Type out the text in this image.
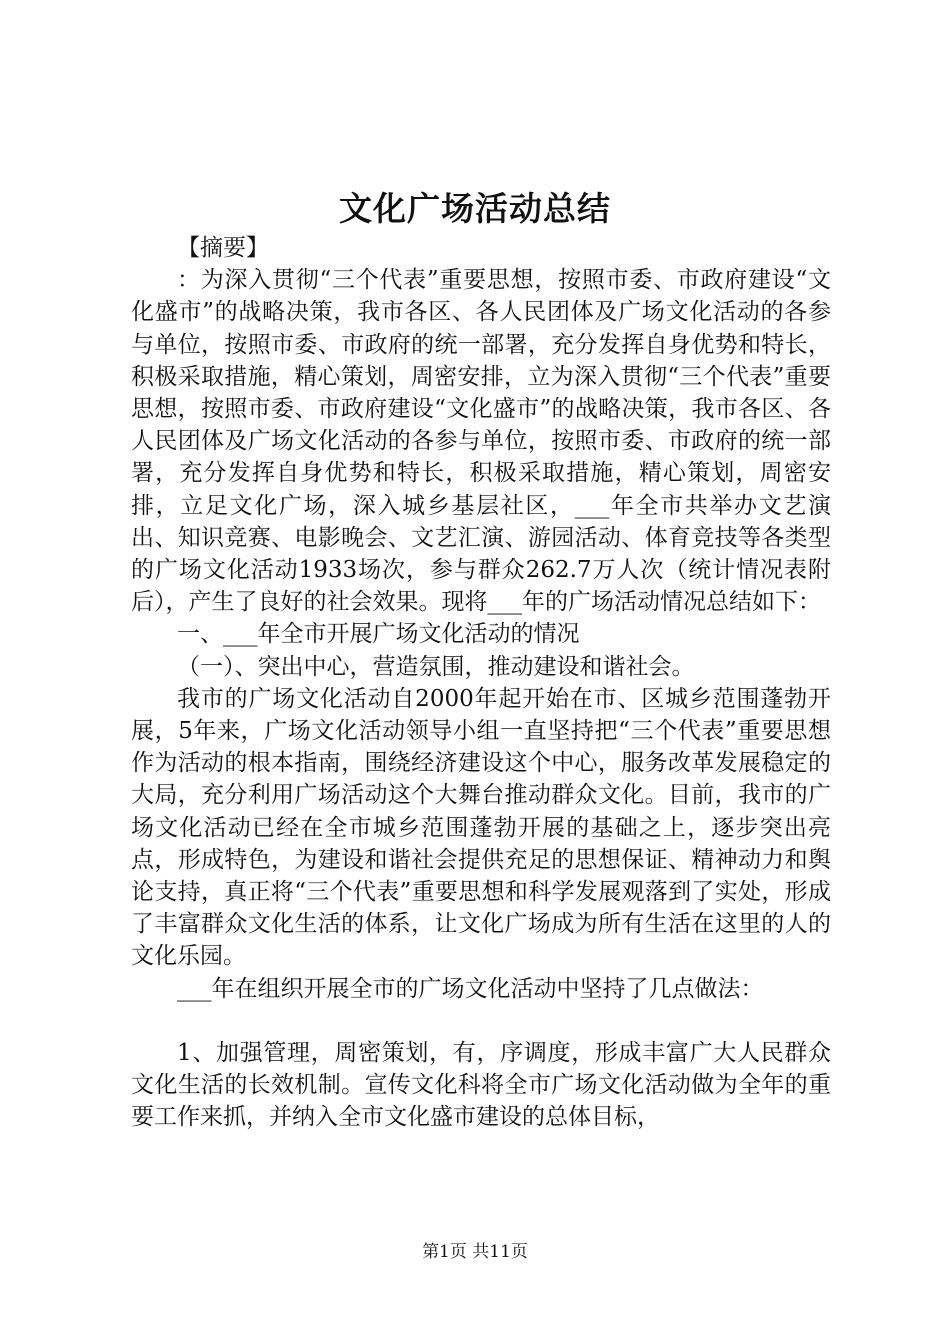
文化广场活动总结

【摘要】

：为深入贯彻“三个代表”重要思想，按照市委、市政府建设“文化盛市”的战略决策，我市各区、各人民团体及广场文化活动的各参与单位，按照市委、市政府的统一部署，充分发挥自身优势和特长，积极采取措施，精心策划，周密安排，立为深入贯彻“三个代表”重要思想，按照市委、市政府建设“文化盛市”的战略决策，我市各区、各人民团体及广场文化活动的各参与单位，按照市委、市政府的统一部署，充分发挥自身优势和特长，积极采取措施，精心策划，周密安排，立足文化广场，深入城乡基层社区，___年全市共举办文艺演出、知识竞赛、电影晚会、文艺汇演、游园活动、体育竞技等各类型的广场文化活动1933场次，参与群众262.7万人次（统计情况表附后），产生了良好的社会效果。现将___年的广场活动情况总结如下：

一、___年全市开展广场文化活动的情况

（一）、突出中心，营造氛围，推动建设和谐社会。

我市的广场文化活动自2000年起开始在市、区城乡范围蓬勃开展，5年来，广场文化活动领导小组一直坚持把“三个代表”重要思想作为活动的根本指南，围绕经济建设这个中心，服务改革发展稳定的大局，充分利用广场活动这个大舞台推动群众文化。目前，我市的广场文化活动已经在全市城乡范围蓬勃开展的基础之上，逐步突出亮点，形成特色，为建设和谐社会提供充足的思想保证、精神动力和舆论支持，真正将“三个代表”重要思想和科学发展观落到了实处，形成了丰富群众文化生活的体系，让文化广场成为所有生活在这里的人的文化乐园。

___年在组织开展全市的广场文化活动中坚持了几点做法：

1、加强管理，周密策划，有，序调度，形成丰富广大人民群众文化生活的长效机制。宣传文化科将全市广场文化活动做为全年的重要工作来抓，并纳入全市文化盛市建设的总体目标，

第1页 共11页
